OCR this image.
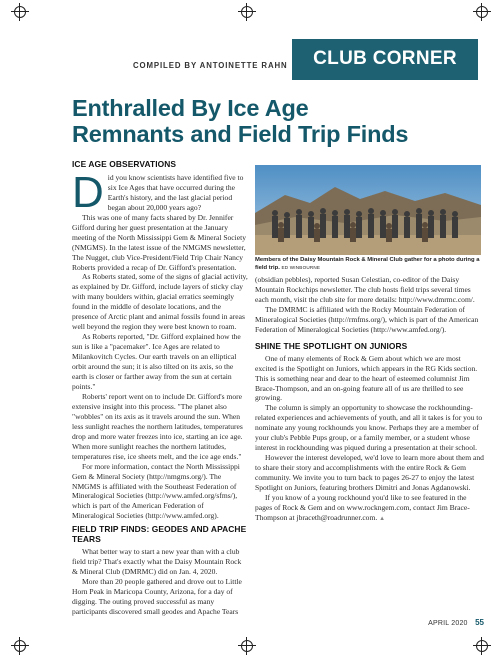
COMPILED BY ANTOINETTE RAHN	CLUB CORNER
Enthralled By Ice Age
Remnants and Field Trip Finds
ICE AGE OBSERVATIONS

Did you know scientists have identified five to six Ice Ages that have occurred during the Earth's history, and the last glacial period began about 20,000 years ago?

This was one of many facts shared by Dr. Jennifer Gifford during her guest presentation at the January meeting of the North Mississippi Gem & Mineral Society (NMGMS). In the latest issue of the NMGMS newsletter, The Nugget, club Vice-President/Field Trip Chair Nancy Roberts provided a recap of Dr. Gifford's presentation.

As Roberts stated, some of the signs of glacial activity, as explained by Dr. Gifford, include layers of sticky clay with many boulders within, glacial erratics seemingly found in the middle of desolate locations, and the presence of Arctic plant and animal fossils found in areas well beyond the region they were best known to roam.

As Roberts reported, "Dr. Gifford explained how the sun is like a "pacemaker". Ice Ages are related to Milankovitch Cycles. Our earth travels on an elliptical orbit around the sun; it is also tilted on its axis, so the earth is closer or farther away from the sun at certain points."

Roberts' report went on to include Dr. Gifford's more extensive insight into this process. "The planet also "wobbles" on its axis as it travels around the sun. When less sunlight reaches the northern latitudes, temperatures drop and more water freezes into ice, starting an ice age. When more sunlight reaches the northern latitudes, temperatures rise, ice sheets melt, and the ice age ends."

For more information, contact the North Mississippi Gem & Mineral Society (http://nmgms.org/). The NMGMS is affiliated with the Southeast Federation of Mineralogical Societies (http://www.amfed.org/sfms/), which is part of the American Federation of Mineralogical Societies (http://www.amfed.org).

FIELD TRIP FINDS: GEODES AND APACHE TEARS

What better way to start a new year than with a club field trip? That's exactly what the Daisy Mountain Rock & Mineral Club (DMRMC) did on Jan. 4, 2020.

More than 20 people gathered and drove out to Little Horn Peak in Maricopa County, Arizona, for a day of digging. The outing proved successful as many participants discovered small geodes and Apache Tears

Members of the Daisy Mountain Rock & Mineral Club gather for a photo during a field trip. ED WINBOURNE

(obsidian pebbles), reported Susan Celestian, co-editor of the Daisy Mountain Rockchips newsletter. The club hosts field trips several times each month, visit the club site for more details: http://www.dmrmc.com/.

The DMRMC is affiliated with the Rocky Mountain Federation of Mineralogical Societies (http://rmfms.org/), which is part of the American Federation of Mineralogical Societies (http://www.amfed.org/).

SHINE THE SPOTLIGHT ON JUNIORS

One of many elements of Rock & Gem about which we are most excited is the Spotlight on Juniors, which appears in the RG Kids section. This is something near and dear to the heart of esteemed columnist Jim Brace-Thompson, and an on-going feature all of us are thrilled to see growing.

The column is simply an opportunity to showcase the rockhounding-related experiences and achievements of youth, and all it takes is for you to nominate any young rockhounds you know. Perhaps they are a member of your club's Pebble Pups group, or a family member, or a student whose interest in rockhounding was piqued during a presentation at their school.

However the interest developed, we'd love to learn more about them and to share their story and accomplishments with the entire Rock & Gem community. We invite you to turn back to pages 26-27 to enjoy the latest Spotlight on Juniors, featuring brothers Dimitri and Jonas Agdanowski.

If you know of a young rockhound you'd like to see featured in the pages of Rock & Gem and on www.rockngem.com, contact Jim Brace-Thompson at jbraceth@roadrunner.com. ▲

APRIL 2020 55
